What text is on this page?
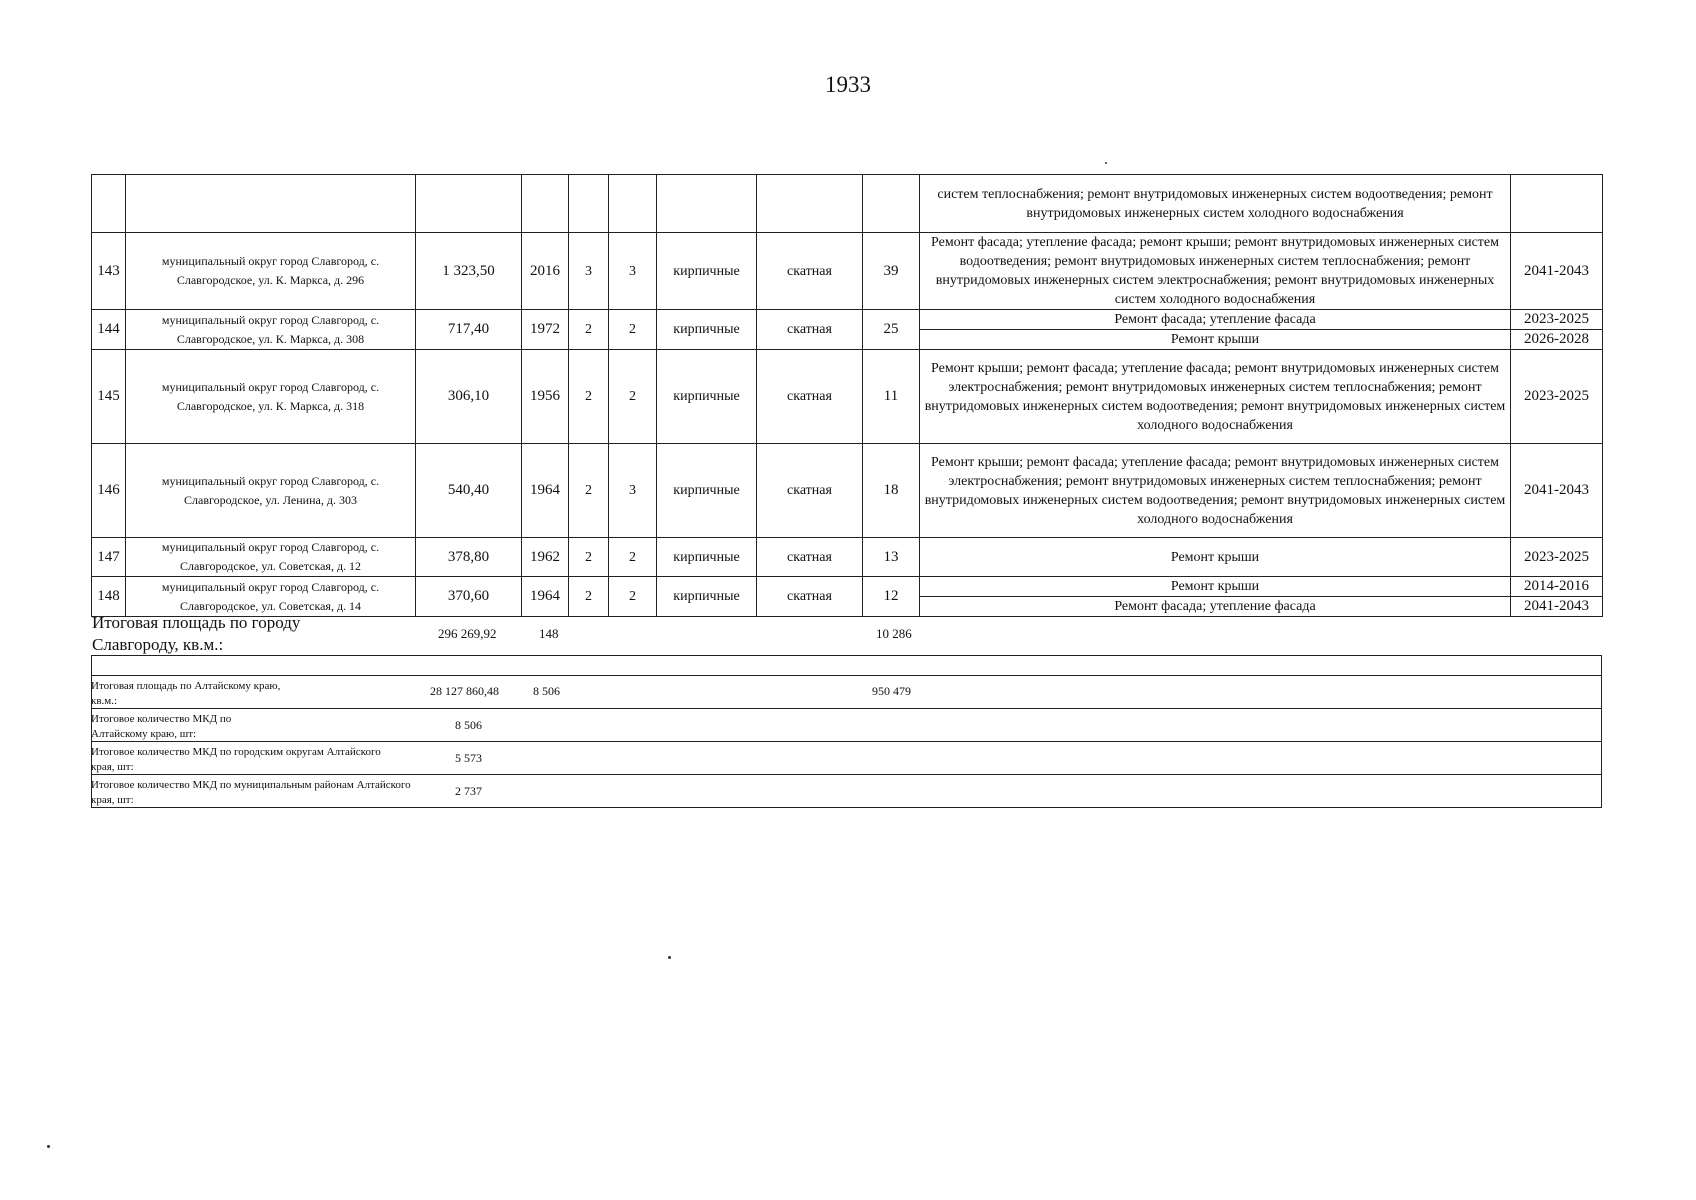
1933
									систем теплоснабжения; ремонт внутридомовых инженерных систем водоотведения; ремонт внутридомовых инженерных систем холодного водоснабжения	
143	муниципальный округ город Славгород, с. Славгородское, ул. К. Маркса, д. 296	1 323,50	2016	3	3	кирпичные	скатная	39	Ремонт фасада; утепление фасада; ремонт крыши; ремонт внутридомовых инженерных систем водоотведения; ремонт внутридомовых инженерных систем теплоснабжения; ремонт внутридомовых инженерных систем электроснабжения; ремонт внутридомовых инженерных систем холодного водоснабжения	2041-2043
144	муниципальный округ город Славгород, с. Славгородское, ул. К. Маркса, д. 308	717,40	1972	2	2	кирпичные	скатная	25	Ремонт фасада; утепление фасада	2023-2025
									Ремонт крыши	2026-2028
145	муниципальный округ город Славгород, с. Славгородское, ул. К. Маркса, д. 318	306,10	1956	2	2	кирпичные	скатная	11	Ремонт крыши; ремонт фасада; утепление фасада; ремонт внутридомовых инженерных систем электроснабжения; ремонт внутридомовых инженерных систем теплоснабжения; ремонт внутридомовых инженерных систем водоотведения; ремонт внутридомовых инженерных систем холодного водоснабжения	2023-2025
146	муниципальный округ город Славгород, с. Славгородское, ул. Ленина, д. 303	540,40	1964	2	3	кирпичные	скатная	18	Ремонт крыши; ремонт фасада; утепление фасада; ремонт внутридомовых инженерных систем электроснабжения; ремонт внутридомовых инженерных систем теплоснабжения; ремонт внутридомовых инженерных систем водоотведения; ремонт внутридомовых инженерных систем холодного водоснабжения	2041-2043
147	муниципальный округ город Славгород, с. Славгородское, ул. Советская, д. 12	378,80	1962	2	2	кирпичные	скатная	13	Ремонт крыши	2023-2025
148	муниципальный округ город Славгород, с. Славгородское, ул. Советская, д. 14	370,60	1964	2	2	кирпичные	скатная	12	Ремонт крыши	2014-2016
									Ремонт фасада; утепление фасада	2041-2043
Итоговая площадь по городу Славгороду, кв.м.:
296 269,92	148	10 286
Итоговая площадь по Алтайскому краю, кв.м.:
28 127 860,48	8 506	950 479
Итоговое количество МКД по Алтайскому краю, шт:
8 506
Итоговое количество МКД по городским округам Алтайского края, шт:
5 573
Итоговое количество МКД по муниципальным районам Алтайского края, шт:
2 737
